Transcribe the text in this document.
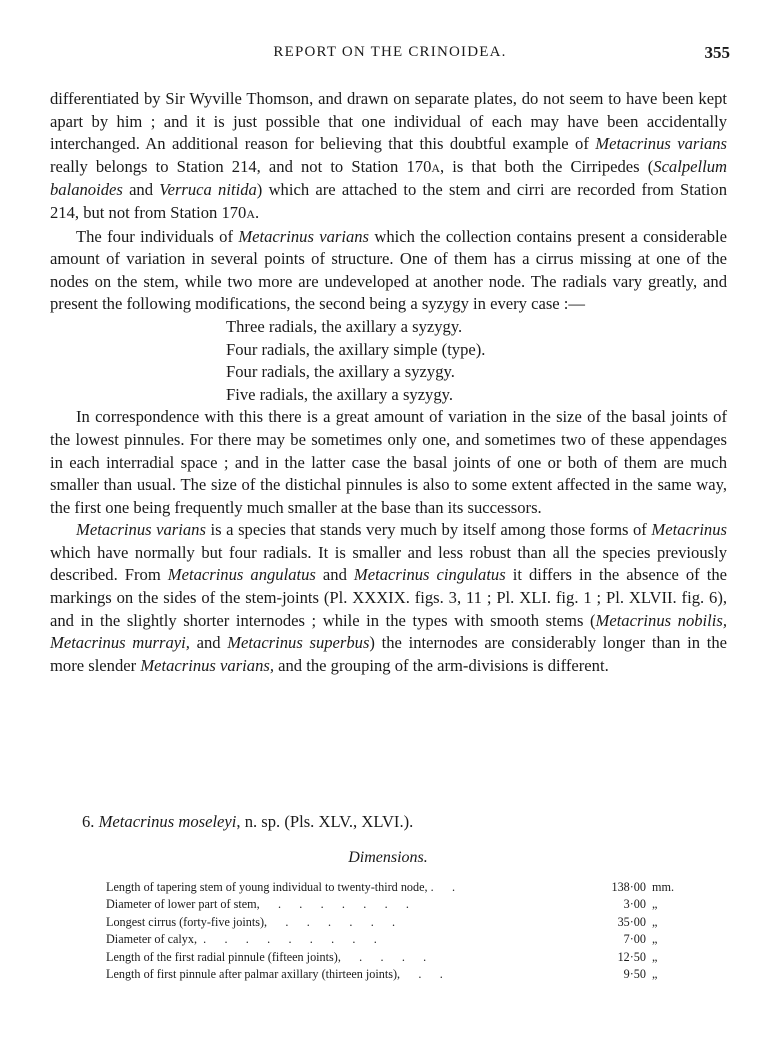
REPORT ON THE CRINOIDEA.	355

differentiated by Sir Wyville Thomson, and drawn on separate plates, do not seem to have been kept apart by him ; and it is just possible that one individual of each may have been accidentally interchanged. An additional reason for believing that this doubtful example of Metacrinus varians really belongs to Station 214, and not to Station 170A, is that both the Cirripedes (Scalpellum balanoides and Verruca nitida) which are attached to the stem and cirri are recorded from Station 214, but not from Station 170A.

The four individuals of Metacrinus varians which the collection contains present a considerable amount of variation in several points of structure. One of them has a cirrus missing at one of the nodes on the stem, while two more are undeveloped at another node. The radials vary greatly, and present the following modifications, the second being a syzygy in every case :—

Three radials, the axillary a syzygy.
Four radials, the axillary simple (type).
Four radials, the axillary a syzygy.
Five radials, the axillary a syzygy.

In correspondence with this there is a great amount of variation in the size of the basal joints of the lowest pinnules. For there may be sometimes only one, and sometimes two of these appendages in each interradial space ; and in the latter case the basal joints of one or both of them are much smaller than usual. The size of the distichal pinnules is also to some extent affected in the same way, the first one being frequently much smaller at the base than its successors.

Metacrinus varians is a species that stands very much by itself among those forms of Metacrinus which have normally but four radials. It is smaller and less robust than all the species previously described. From Metacrinus angulatus and Metacrinus cingulatus it differs in the absence of the markings on the sides of the stem-joints (Pl. XXXIX. figs. 3, 11 ; Pl. XLI. fig. 1 ; Pl. XLVII. fig. 6), and in the slightly shorter internodes ; while in the types with smooth stems (Metacrinus nobilis, Metacrinus murrayi, and Metacrinus superbus) the internodes are considerably longer than in the more slender Metacrinus varians, and the grouping of the arm-divisions is different.

6. Metacrinus moseleyi, n. sp. (Pls. XLV., XLVI.).
Dimensions.
Length of tapering stem of young individual to twenty-third node, .      .	138·00 mm.
Diameter of lower part of stem,      .      .      .      .      .      .      .	3·00 „
Longest cirrus (forty-five joints),      .      .      .      .      .      .	35·00 „
Diameter of calyx,  .      .      .      .      .      .      .      .      .	7·00 „
Length of the first radial pinnule (fifteen joints),      .      .      .      .	12·50 „
Length of first pinnule after palmar axillary (thirteen joints),      .      .	9·50 „
